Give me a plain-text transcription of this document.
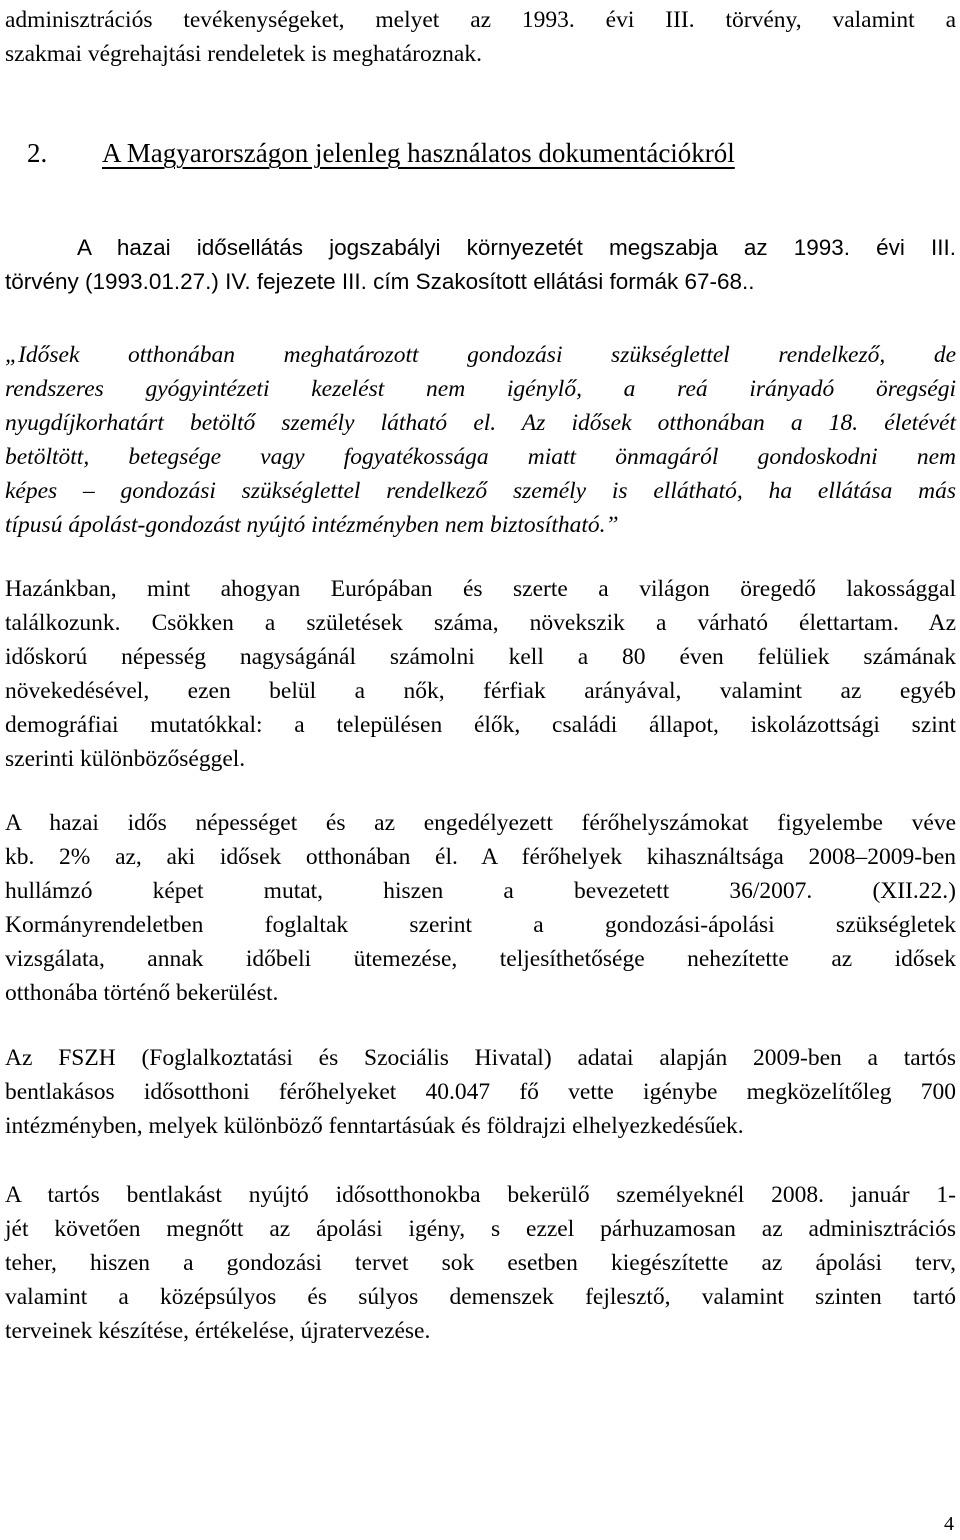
adminisztrációs tevékenységeket, melyet az 1993. évi III. törvény, valamint a
szakmai végrehajtási rendeletek is meghatároznak.
2. A Magyarországon jelenleg használatos dokumentációkról
A hazai idősellátás jogszabályi környezetét megszabja az 1993. évi III.
törvény (1993.01.27.) IV. fejezete III. cím Szakosított ellátási formák 67-68..
„Idősek otthonában meghatározott gondozási szükséglettel rendelkező, de
rendszeres gyógyintézeti kezelést nem igénylő, a reá irányadó öregségi
nyugdíjkorhatárt betöltő személy látható el. Az idősek otthonában a 18. életévét
betöltött, betegsége vagy fogyatékossága miatt önmagáról gondoskodni nem
képes – gondozási szükséglettel rendelkező személy is ellátható, ha ellátása más
típusú ápolást-gondozást nyújtó intézményben nem biztosítható.”
Hazánkban, mint ahogyan Európában és szerte a világon öregedő lakossággal
találkozunk. Csökken a születések száma, növekszik a várható élettartam. Az
időskorú népesség nagyságánál számolni kell a 80 éven felüliek számának
növekedésével, ezen belül a nők, férfiak arányával, valamint az egyéb
demográfiai mutatókkal: a településen élők, családi állapot, iskolázottsági szint
szerinti különbözőséggel.
A hazai idős népességet és az engedélyezett férőhelyszámokat figyelembe véve
kb. 2% az, aki idősek otthonában él. A férőhelyek kihasználtsága 2008–2009-ben
hullámzó képet mutat, hiszen a bevezetett 36/2007. (XII.22.)
Kormányrendeletben foglaltak szerint a gondozási-ápolási szükségletek
vizsgálata, annak időbeli ütemezése, teljesíthetősége nehezítette az idősek
otthonába történő bekerülést.
Az FSZH (Foglalkoztatási és Szociális Hivatal) adatai alapján 2009-ben a tartós
bentlakásos idősotthoni férőhelyeket 40.047 fő vette igénybe megközelítőleg 700
intézményben, melyek különböző fenntartásúak és földrajzi elhelyezkedésűek.
A tartós bentlakást nyújtó idősotthonokba bekerülő személyeknél 2008. január 1-
jét követően megnőtt az ápolási igény, s ezzel párhuzamosan az adminisztrációs
teher, hiszen a gondozási tervet sok esetben kiegészítette az ápolási terv,
valamint a középsúlyos és súlyos demenszek fejlesztő, valamint szinten tartó
terveinek készítése, értékelése, újratervezése.
4
